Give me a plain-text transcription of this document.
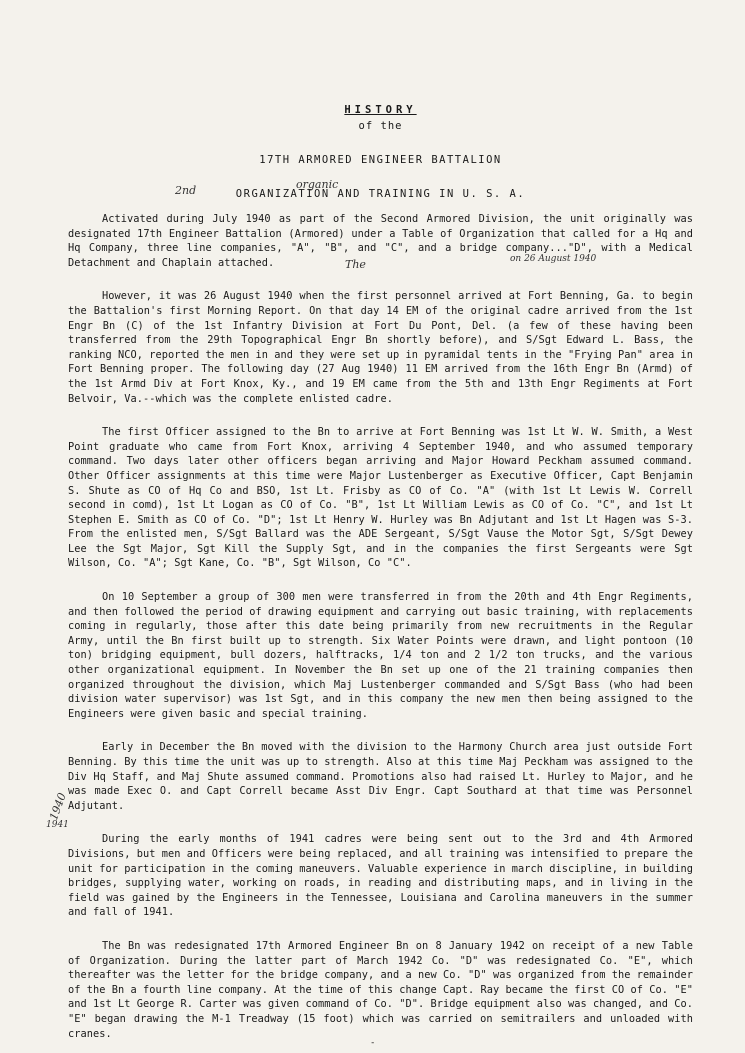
HISTORY
of the
17TH ARMORED ENGINEER BATTALION
ORGANIZATION AND TRAINING IN U. S. A.

Activated during July 1940 as part of the Second Armored Division, the unit originally was designated 17th Engineer Battalion (Armored) under a Table of Organization that called for a Hq and Hq Company, three line companies, "A", "B", and "C", and a bridge company..."D", with a Medical Detachment and Chaplain attached.

However, it was 26 August 1940 when the first personnel arrived at Fort Benning, Ga. to begin the Battalion's first Morning Report. On that day 14 EM of the original cadre arrived from the 1st Engr Bn (C) of the 1st Infantry Division at Fort Du Pont, Del. (a few of these having been transferred from the 29th Topographical Engr Bn shortly before), and S/Sgt Edward L. Bass, the ranking NCO, reported the men in and they were set up in pyramidal tents in the "Frying Pan" area in Fort Benning proper. The following day (27 Aug 1940) 11 EM arrived from the 16th Engr Bn (Armd) of the 1st Armd Div at Fort Knox, Ky., and 19 EM came from the 5th and 13th Engr Regiments at Fort Belvoir, Va.--which was the complete enlisted cadre.

The first Officer assigned to the Bn to arrive at Fort Benning was 1st Lt W. W. Smith, a West Point graduate who came from Fort Knox, arriving 4 September 1940, and who assumed temporary command. Two days later other officers began arriving and Major Howard Peckham assumed command. Other Officer assignments at this time were Major Lustenberger as Executive Officer, Capt Benjamin S. Shute as CO of Hq Co and BSO, 1st Lt. Frisby as CO of Co. "A" (with 1st Lt Lewis W. Correll second in comd), 1st Lt Logan as CO of Co. "B", 1st Lt William Lewis as CO of Co. "C", and 1st Lt Stephen E. Smith as CO of Co. "D"; 1st Lt Henry W. Hurley was Bn Adjutant and 1st Lt Hagen was S-3. From the enlisted men, S/Sgt Ballard was the ADE Sergeant, S/Sgt Vause the Motor Sgt, S/Sgt Dewey Lee the Sgt Major, Sgt Kill the Supply Sgt, and in the companies the first Sergeants were Sgt Wilson, Co. "A"; Sgt Kane, Co. "B", Sgt Wilson, Co "C".

On 10 September a group of 300 men were transferred in from the 20th and 4th Engr Regiments, and then followed the period of drawing equipment and carrying out basic training, with replacements coming in regularly, those after this date being primarily from new recruitments in the Regular Army, until the Bn first built up to strength. Six Water Points were drawn, and light pontoon (10 ton) bridging equipment, bull dozers, halftracks, 1/4 ton and 2 1/2 ton trucks, and the various other organizational equipment. In November the Bn set up one of the 21 training companies then organized throughout the division, which Maj Lustenberger commanded and S/Sgt Bass (who had been division water supervisor) was 1st Sgt, and in this company the new men then being assigned to the Engineers were given basic and special training.

Early in December the Bn moved with the division to the Harmony Church area just outside Fort Benning. By this time the unit was up to strength. Also at this time Maj Peckham was assigned to the Div Hq Staff, and Maj Shute assumed command. Promotions also had raised Lt. Hurley to Major, and he was made Exec O. and Capt Correll became Asst Div Engr. Capt Southard at that time was Personnel Adjutant.

During the early months of 1941 cadres were being sent out to the 3rd and 4th Armored Divisions, but men and Officers were being replaced, and all training was intensified to prepare the unit for participation in the coming maneuvers. Valuable experience in march discipline, in building bridges, supplying water, working on roads, in reading and distributing maps, and in living in the field was gained by the Engineers in the Tennessee, Louisiana and Carolina maneuvers in the summer and fall of 1941.

The Bn was redesignated 17th Armored Engineer Bn on 8 January 1942 on receipt of a new Table of Organization. During the latter part of March 1942 Co. "D" was redesignated Co. "E", which thereafter was the letter for the bridge company, and a new Co. "D" was organized from the remainder of the Bn a fourth line company. At the time of this change Capt. Ray became the first CO of Co. "E" and 1st Lt George R. Carter was given command of Co. "D". Bridge equipment also was changed, and Co. "E" began drawing the M-1 Treadway (15 foot) which was carried on semitrailers and unloaded with cranes.

2nd	organic
The	on 26 August 1940
1940
1941
-
